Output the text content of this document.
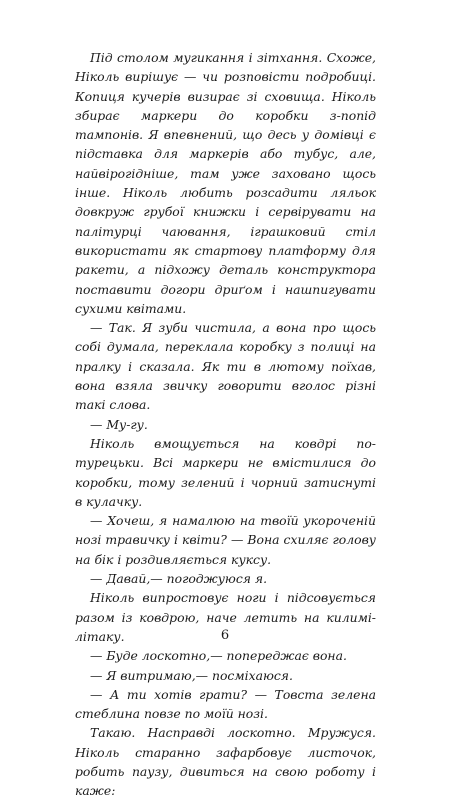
Під столом мугикання і зітхання. Схоже, Ніколь вирішує — чи розповісти подробиці. Копиця кучерів визирає зі сховища. Ніколь збирає маркери до коробки з-попід тампонів. Я впевнений, що десь у домівці є підставка для маркерів або тубус, але, найвірогідніше, там уже заховано щось інше. Ніколь любить розсадити ляльок довкруж грубої книжки і сервірувати на палітурці чаювання, іграшковий стіл використати як стартову платформу для ракети, а підхожу деталь конструктора поставити догори дриґом і нашпигувати сухими квітами.

— Так. Я зуби чистила, а вона про щось собі думала, переклала коробку з полиці на пралку і сказала. Як ти в лютому поїхав, вона взяла звичку говорити вголос різні такі слова.

— Му-гу.

Ніколь вмощується на ковдрі по-турецьки. Всі маркери не вмістилися до коробки, тому зелений і чорний затиснуті в кулачку.

— Хочеш, я намалюю на твоїй укороченій нозі травичку і квіти? — Вона схиляє голову на бік і роздивляється куксу.

— Давай,— погоджуюся я.

Ніколь випростовує ноги і підсовується разом із ковдрою, наче летить на килимі-літаку.

— Буде лоскотно,— попереджає вона.

— Я витримаю,— посміхаюся.

— А ти хотів грати? — Товста зелена стеблина повзе по моїй нозі.

Такаю. Насправді лоскотно. Мружуся. Ніколь старанно зафарбовує листочок, робить паузу, дивиться на свою роботу і каже:

6
